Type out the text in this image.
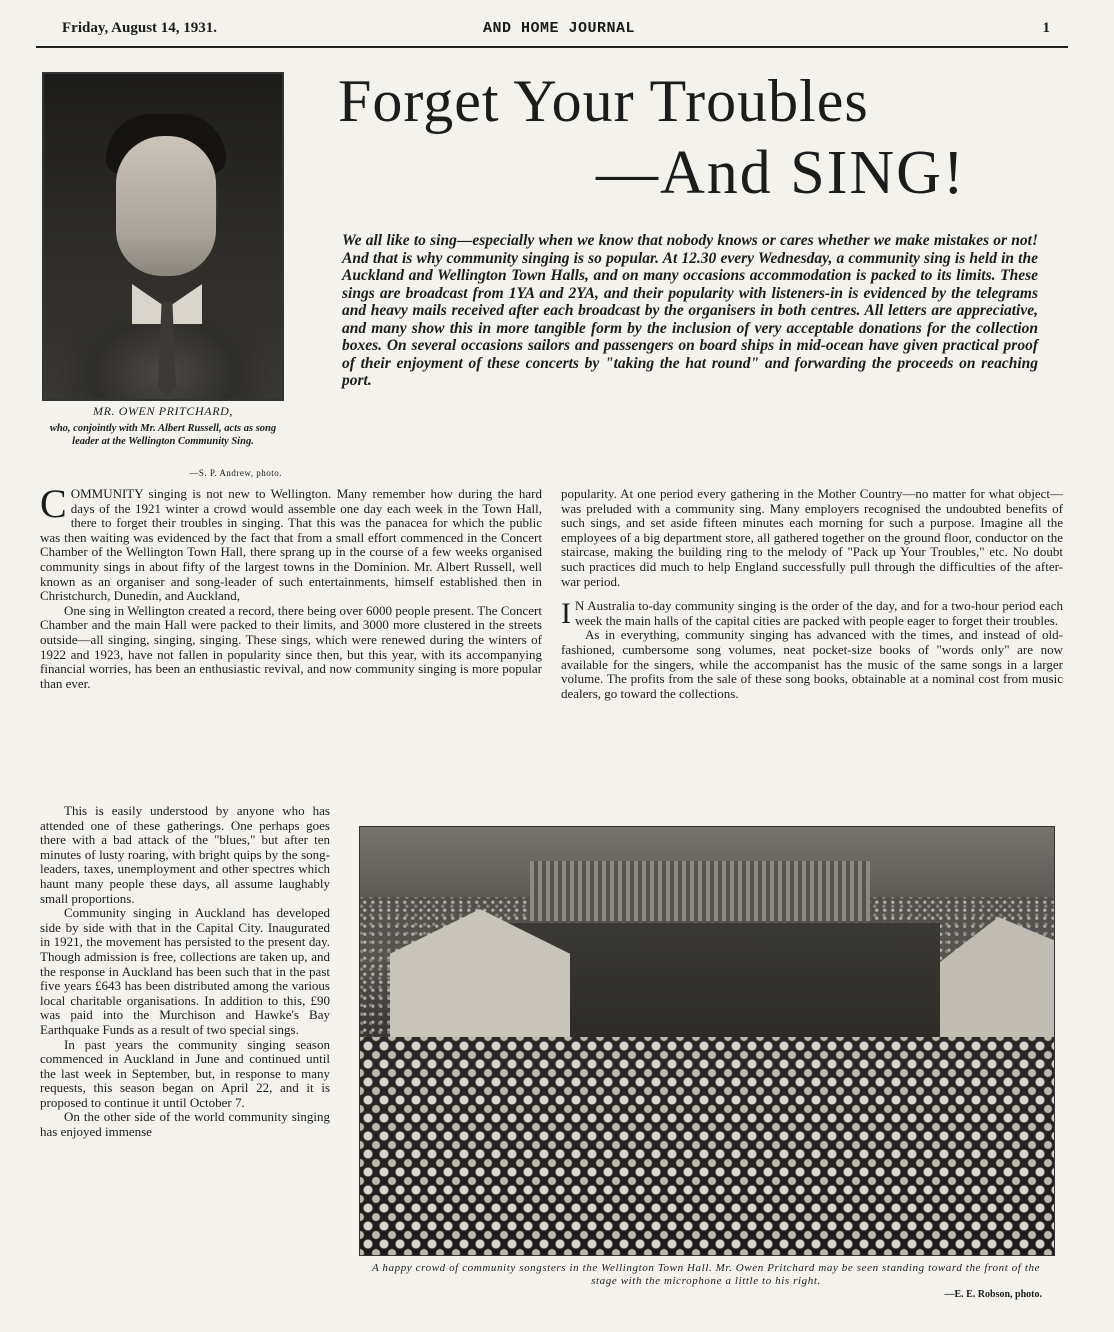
Friday, August 14, 1931.	AND HOME JOURNAL	1
MR. OWEN PRITCHARD,
who, conjointly with Mr. Albert Russell, acts as song leader at the Wellington Community Sing.
—S. P. Andrew, photo.
Forget Your Troubles
—And SING!
We all like to sing—especially when we know that nobody knows or cares whether we make mistakes or not! And that is why community singing is so popular. At 12.30 every Wednesday, a community sing is held in the Auckland and Wellington Town Halls, and on many occasions accommodation is packed to its limits. These sings are broadcast from 1YA and 2YA, and their popularity with listeners-in is evidenced by the telegrams and heavy mails received after each broadcast by the organisers in both centres. All letters are appreciative, and many show this in more tangible form by the inclusion of very acceptable donations for the collection boxes. On several occasions sailors and passengers on board ships in mid-ocean have given practical proof of their enjoyment of these concerts by "taking the hat round" and forwarding the proceeds on reaching port.

COMMUNITY singing is not new to Wellington. Many remember how during the hard days of the 1921 winter a crowd would assemble one day each week in the Town Hall, there to forget their troubles in singing. That this was the panacea for which the public was then waiting was evidenced by the fact that from a small effort commenced in the Concert Chamber of the Wellington Town Hall, there sprang up in the course of a few weeks organised community sings in about fifty of the largest towns in the Dominion. Mr. Albert Russell, well known as an organiser and song-leader of such entertainments, himself established then in Christchurch, Dunedin, and Auckland,

One sing in Wellington created a record, there being over 6000 people present. The Concert Chamber and the main Hall were packed to their limits, and 3000 more clustered in the streets outside—all singing, singing, singing. These sings, which were renewed during the winters of 1922 and 1923, have not fallen in popularity since then, but this year, with its accompanying financial worries, has been an enthusiastic revival, and now community singing is more popular than ever.

This is easily understood by anyone who has attended one of these gatherings. One perhaps goes there with a bad attack of the "blues," but after ten minutes of lusty roaring, with bright quips by the song-leaders, taxes, unemployment and other spectres which haunt many people these days, all assume laughably small proportions.

Community singing in Auckland has developed side by side with that in the Capital City. Inaugurated in 1921, the movement has persisted to the present day. Though admission is free, collections are taken up, and the response in Auckland has been such that in the past five years £643 has been distributed among the various local charitable organisations. In addition to this, £90 was paid into the Murchison and Hawke's Bay Earthquake Funds as a result of two special sings.

In past years the community singing season commenced in Auckland in June and continued until the last week in September, but, in response to many requests, this season began on April 22, and it is proposed to continue it until October 7.

On the other side of the world community singing has enjoyed immense

popularity. At one period every gathering in the Mother Country—no matter for what object—was preluded with a community sing. Many employers recognised the undoubted benefits of such sings, and set aside fifteen minutes each morning for such a purpose. Imagine all the employees of a big department store, all gathered together on the ground floor, conductor on the staircase, making the building ring to the melody of "Pack up Your Troubles," etc. No doubt such practices did much to help England successfully pull through the difficulties of the after-war period.

I N Australia to-day community singing is the order of the day, and for a two-hour period each week the main halls of the capital cities are packed with people eager to forget their troubles.

As in everything, community singing has advanced with the times, and instead of old-fashioned, cumbersome song volumes, neat pocket-size books of "words only" are now available for the singers, while the accompanist has the music of the same songs in a larger volume. The profits from the sale of these song books, obtainable at a nominal cost from music dealers, go toward the collections.

A happy crowd of community songsters in the Wellington Town Hall. Mr. Owen Pritchard may be seen standing toward the front of the stage with the microphone a little to his right.
—E. E. Robson, photo.
